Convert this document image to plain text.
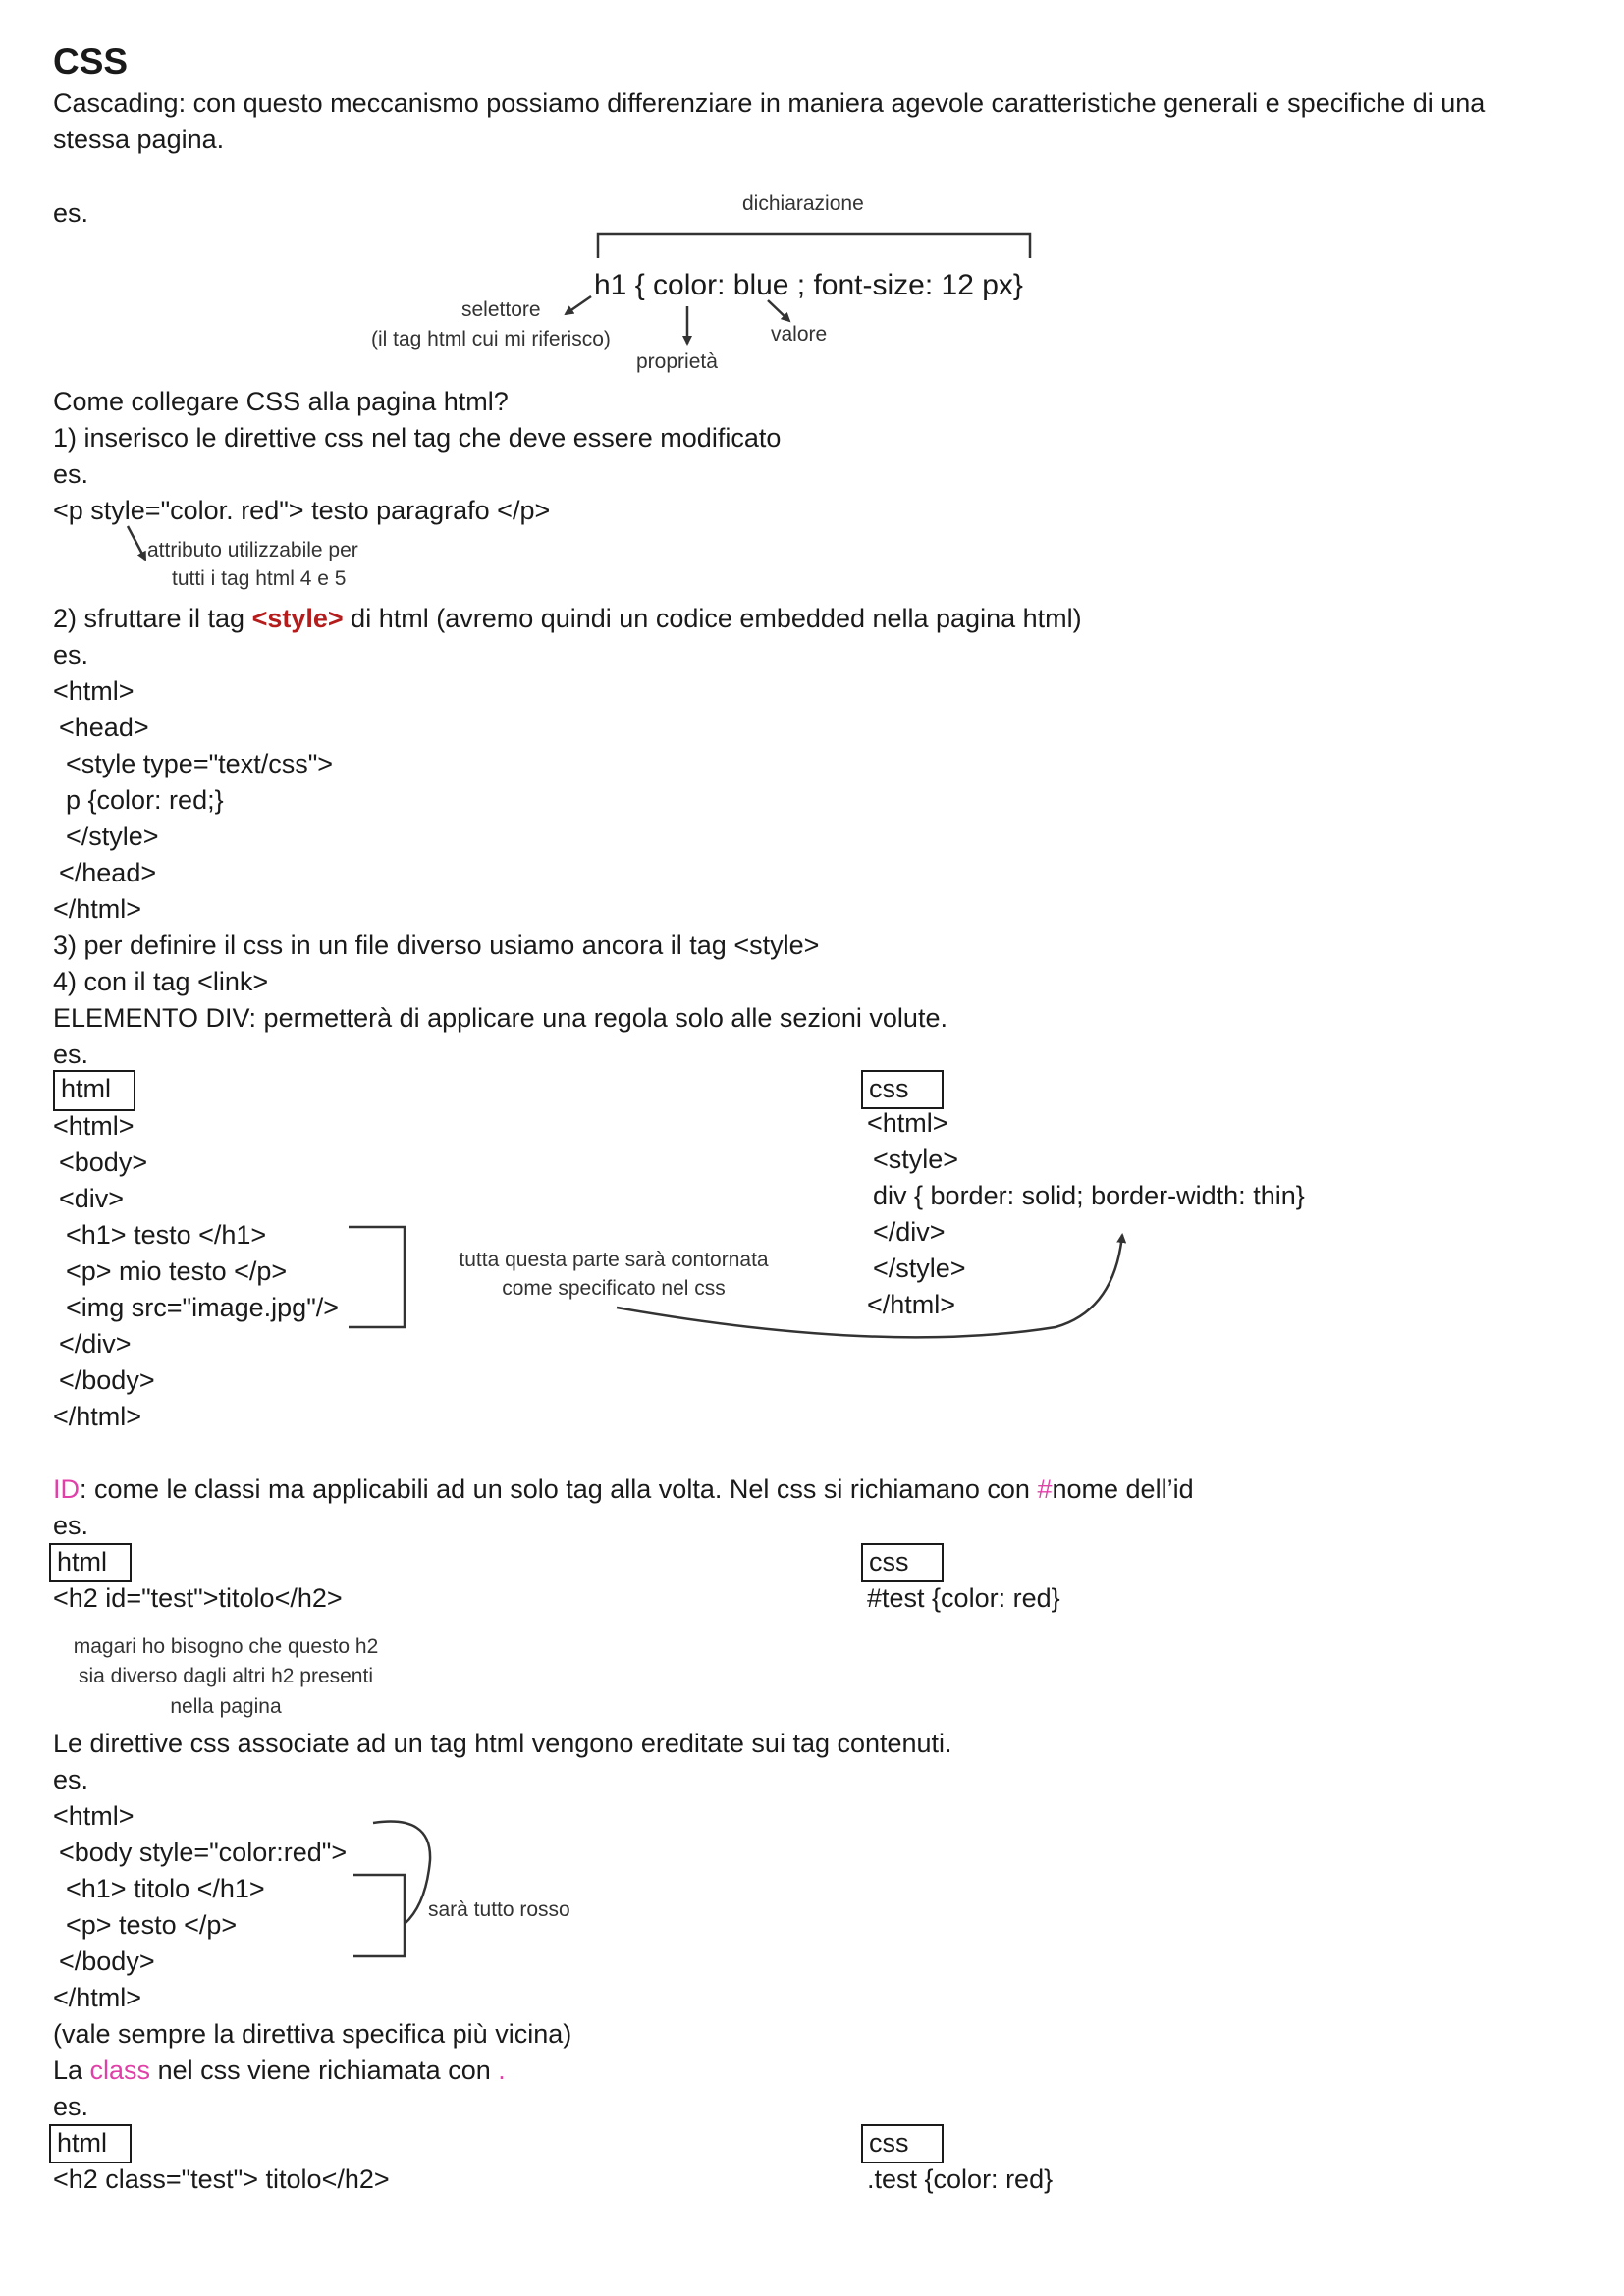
CSS
Cascading: con questo meccanismo possiamo differenziare in maniera agevole caratteristiche generali e specifiche di una
stessa pagina.
es.	dichiarazione
h1 { color: blue ; font-size: 12 px}
selettore
(il tag html cui mi riferisco)
proprietà
valore
Come collegare CSS alla pagina html?
1) inserisco le direttive css nel tag che deve essere modificato
es.
<p style="color. red"> testo paragrafo </p>
attributo utilizzabile per
tutti i tag html 4 e 5
2) sfruttare il tag <style> di html (avremo quindi un codice embedded nella pagina html)
es.
<html>
<head>
<style type="text/css">
p {color: red;}
</style>
</head>
</html>
3) per definire il css in un file diverso usiamo ancora il tag <style>
4) con il tag <link>
ELEMENTO DIV: permetterà di applicare una regola solo alle sezioni volute.
es.
html	css
<html>
<body>
<div>
<h1> testo </h1>
<p> mio testo </p>
<img src="image.jpg"/>
</div>
</body>
</html>
<html>
<style>
div { border: solid; border-width: thin}
</div>
</style>
</html>
tutta questa parte sarà contornata
come specificato nel css
ID: come le classi ma applicabili ad un solo tag alla volta. Nel css si richiamano con #nome dell’id
es.
html	css
<h2 id="test">titolo</h2>	#test {color: red}
magari ho bisogno che questo h2
sia diverso dagli altri h2 presenti
nella pagina
Le direttive css associate ad un tag html vengono ereditate sui tag contenuti.
es.
<html>
<body style="color:red">
<h1> titolo </h1>
<p> testo </p>
</body>
</html>
sarà tutto rosso
(vale sempre la direttiva specifica più vicina)
La class nel css viene richiamata con .
es.
html	css
<h2 class="test"> titolo</h2>	.test {color: red}
